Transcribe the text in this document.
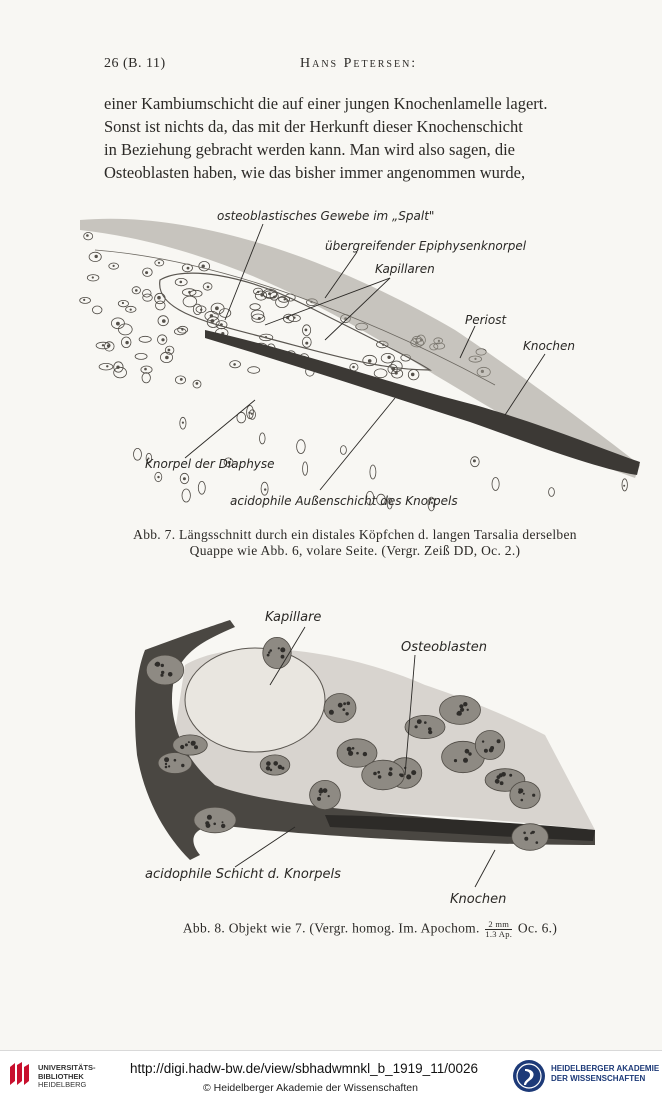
26 (B. 11)	Hans Petersen:

einer Kambiumschicht die auf einer jungen Knochenlamelle lagert.

Sonst ist nichts da, das mit der Herkunft dieser Knochenschicht

in Beziehung gebracht werden kann. Man wird also sagen, die

Osteoblasten haben, wie das bisher immer angenommen wurde,

osteoblastisches Gewebe im „Spalt"
übergreifender Epiphysenknorpel
Kapillaren
Periost
Knochen
Knorpel der Diaphyse
acidophile Außenschicht des Knorpels
Abb. 7. Längsschnitt durch ein distales Köpfchen d. langen Tarsalia derselben
Quappe wie Abb. 6, volare Seite. (Vergr. Zeiß DD, Oc. 2.)
Kapillare
Osteoblasten
acidophile Schicht d. Knorpels
Knochen
Abb. 8. Objekt wie 7. (Vergr. homog. Im. Apochom. $\frac{2 mm}{1.3 Ap.} Oc$. 6.)
UNIVERSITÄTS-
BIBLIOTHEK
HEIDELBERG
http://digi.hadw-bw.de/view/sbhadwmnkl_b_1919_11/0026
© Heidelberger Akademie der Wissenschaften
HEIDELBERGER AKADEMIE
DER WISSENSCHAFTEN
